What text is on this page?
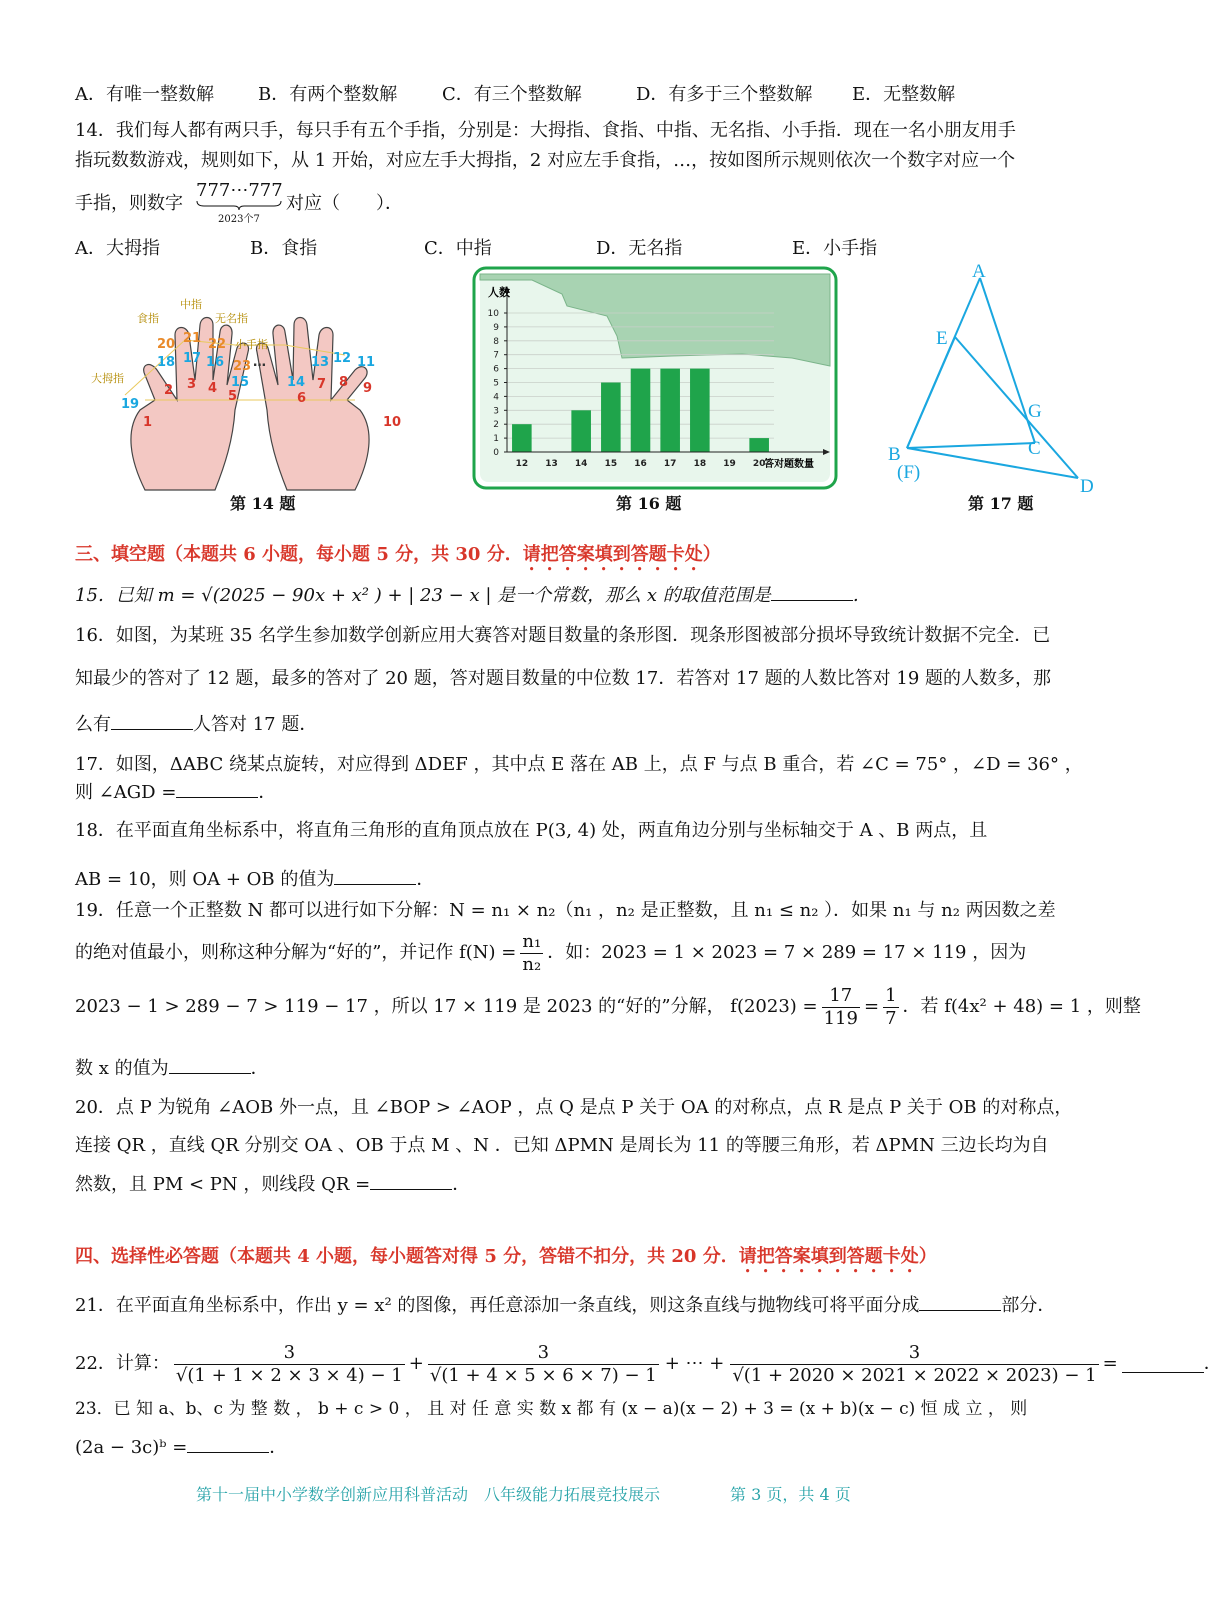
A．有唯一整数解 B．有两个整数解 C．有三个整数解	D．有多于三个整数解 E．无整数解
14．我们每人都有两只手，每只手有五个手指，分别是：大拇指、食指、中指、无名指、小手指．现在一名小朋友用手
指玩数数游戏，规则如下，从 1 开始，对应左手大拇指，2 对应左手食指，…，按如图所示规则依次一个数字对应一个
手指，则数字
777⋯777
2023个7
对应（　　）．
A．大拇指	B．食指	C．中指	D．无名指	E．小手指
食指
中指
无名指
小手指
大拇指
20 21 22
18 17 16 23 …
19
1
2 3 4
5
15
13 12 11
14 7 8 9
6
10
第 14 题
0
1
2
3
4
5
6
7
8
9
10
12 13 14 15 16 17 18 19 20
人数
答对题数量
第 16 题
A
E
G
C
B
(F)
D
第 17 题
三、填空题（本题共 6 小题，每小题 5 分，共 30 分．请把答案填到答题卡处）
15．已知 m = √(2025 − 90x + x² ) + | 23 − x | 是一个常数，那么 x 的取值范围是	．
16．如图，为某班 35 名学生参加数学创新应用大赛答对题目数量的条形图．现条形图被部分损坏导致统计数据不完全．已
知最少的答对了 12 题，最多的答对了 20 题，答对题目数量的中位数 17．若答对 17 题的人数比答对 19 题的人数多，那
么有	人答对 17 题．
17．如图，ΔABC 绕某点旋转，对应得到 ΔDEF ，其中点 E 落在 AB 上，点 F 与点 B 重合，若 ∠C = 75° ，∠D = 36° ，
则 ∠AGD =	．
18．在平面直角坐标系中，将直角三角形的直角顶点放在 P(3, 4) 处，两直角边分别与坐标轴交于 A 、B 两点，且
AB = 10，则 OA + OB 的值为	．
19．任意一个正整数 N 都可以进行如下分解：N = n₁ × n₂（n₁ ，n₂ 是正整数，且 n₁ ≤ n₂ ）．如果 n₁ 与 n₂ 两因数之差
的绝对值最小，则称这种分解为“好的”，并记作 $f(N) = \frac{\text{n₁}}{\text{n₂}}$ ．如：2023 = 1 × 2023 = 7 × 289 = 17 × 119 ，因为
2023 − 1 > 289 − 7 > 119 − 17 ，所以 17 × 119 是 2023 的“好的”分解， $f(2023) = \frac{17}{119} = \frac{1}{7}$ ．若 f(4x² + 48) = 1 ，则整
数 x 的值为	．
20．点 P 为锐角 ∠AOB 外一点，且 ∠BOP > ∠AOP ，点 Q 是点 P 关于 OA 的对称点，点 R 是点 P 关于 OB 的对称点，
连接 QR ，直线 QR 分别交 OA 、OB 于点 M 、N ．已知 ΔPMN 是周长为 11 的等腰三角形，若 ΔPMN 三边长均为自
然数，且 PM < PN ，则线段 QR =	．
四、选择性必答题（本题共 4 小题，每小题答对得 5 分，答错不扣分，共 20 分．请把答案填到答题卡处）
21．在平面直角坐标系中，作出 y = x² 的图像，再任意添加一条直线，则这条直线与抛物线可将平面分成	部分．
22．计算： $\frac{3}{√(1 + 1 \times 2 \times 3 \times 4) - 1} + \frac{3}{√(1 + 4 \times 5 \times 6 \times 7) - 1}$ + ⋯ + $\frac{3}{√(1 + 2020 \times 2021 \times 2022 \times 2023) - 1}$ =	．
23．已 知 a、b、c 为 整 数 ， b + c > 0 ， 且 对 任 意 实 数 x 都 有 (x − a)(x − 2) + 3 = (x + b)(x − c) 恒 成 立 ， 则
(2a − 3c)ᵇ =	．
第十一届中小学数学创新应用科普活动　八年级能力拓展竞技展示	第 3 页，共 4 页
